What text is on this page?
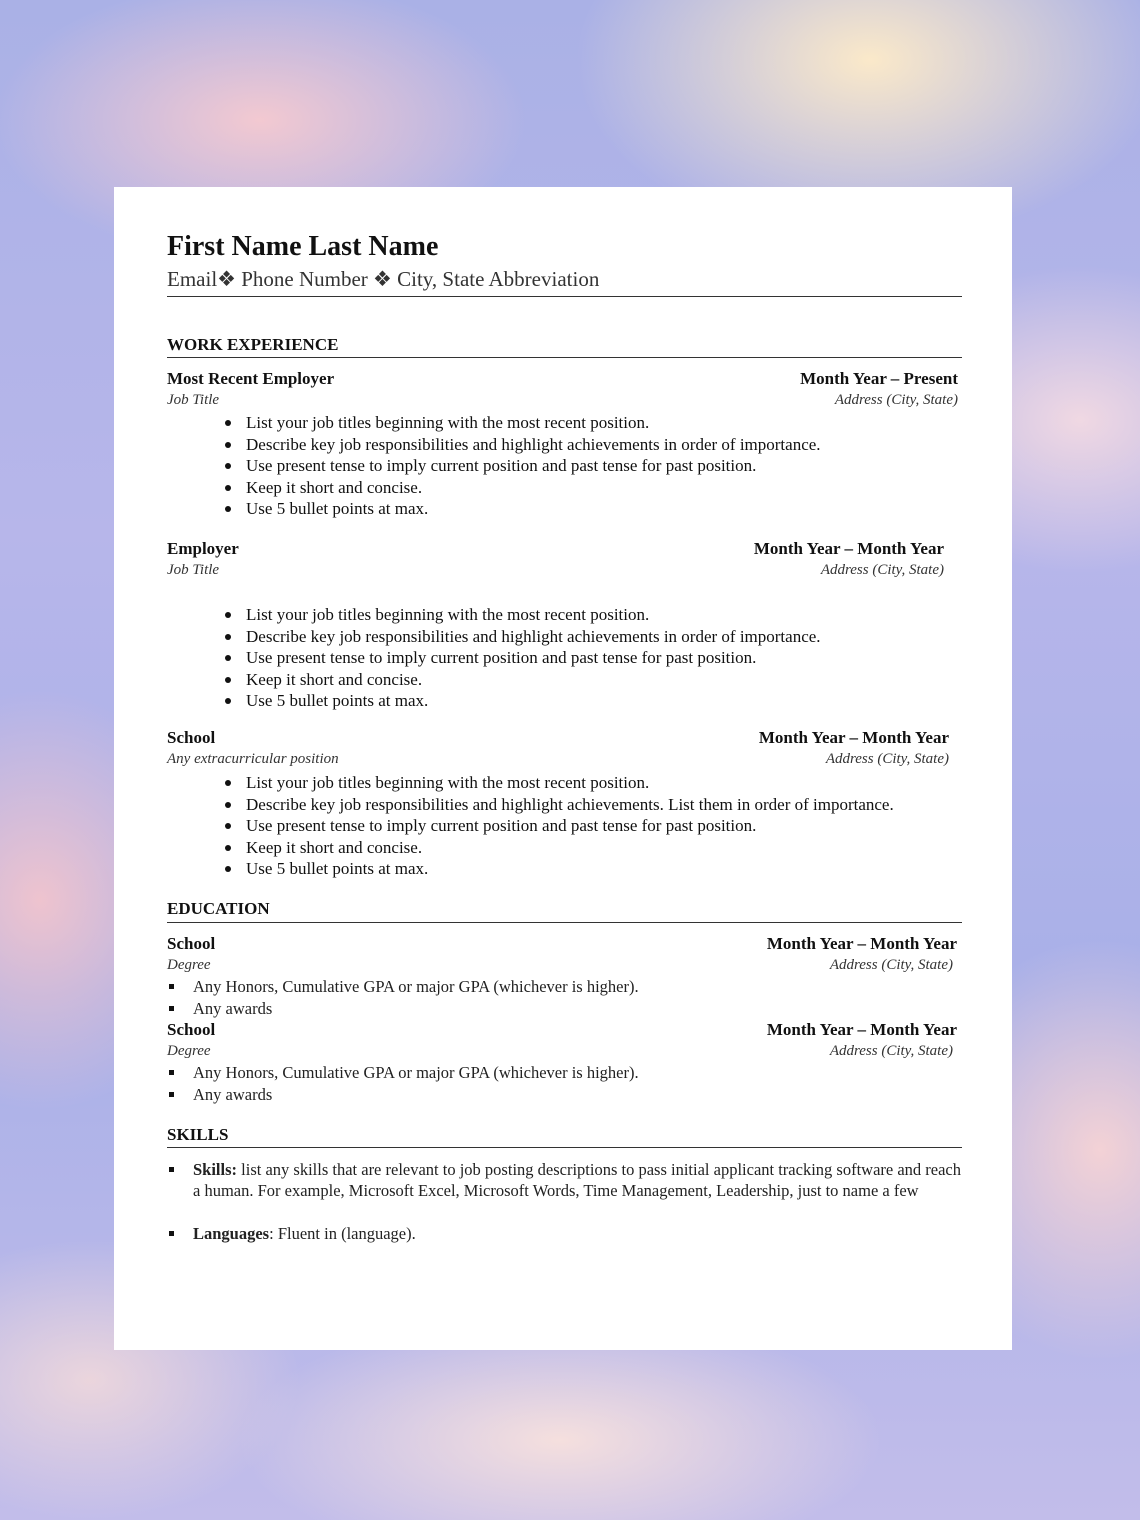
First Name Last Name
Email❖ Phone Number ❖ City, State Abbreviation
WORK EXPERIENCE
Most Recent Employer	Month Year – Present
Job Title	Address (City, State)
List your job titles beginning with the most recent position.
Describe key job responsibilities and highlight achievements in order of importance.
Use present tense to imply current position and past tense for past position.
Keep it short and concise.
Use 5 bullet points at max.
Employer	Month Year – Month Year
Job Title	Address (City, State)
List your job titles beginning with the most recent position.
Describe key job responsibilities and highlight achievements in order of importance.
Use present tense to imply current position and past tense for past position.
Keep it short and concise.
Use 5 bullet points at max.
School	Month Year – Month Year
Any extracurricular position	Address (City, State)
List your job titles beginning with the most recent position.
Describe key job responsibilities and highlight achievements. List them in order of importance.
Use present tense to imply current position and past tense for past position.
Keep it short and concise.
Use 5 bullet points at max.
EDUCATION
School	Month Year – Month Year
Degree	Address (City, State)
Any Honors, Cumulative GPA or major GPA (whichever is higher).
Any awards
School	Month Year – Month Year
Degree	Address (City, State)
Any Honors, Cumulative GPA or major GPA (whichever is higher).
Any awards
SKILLS
Skills: list any skills that are relevant to job posting descriptions to pass initial applicant tracking software and reach a human. For example, Microsoft Excel, Microsoft Words, Time Management, Leadership, just to name a few
Languages: Fluent in (language).
